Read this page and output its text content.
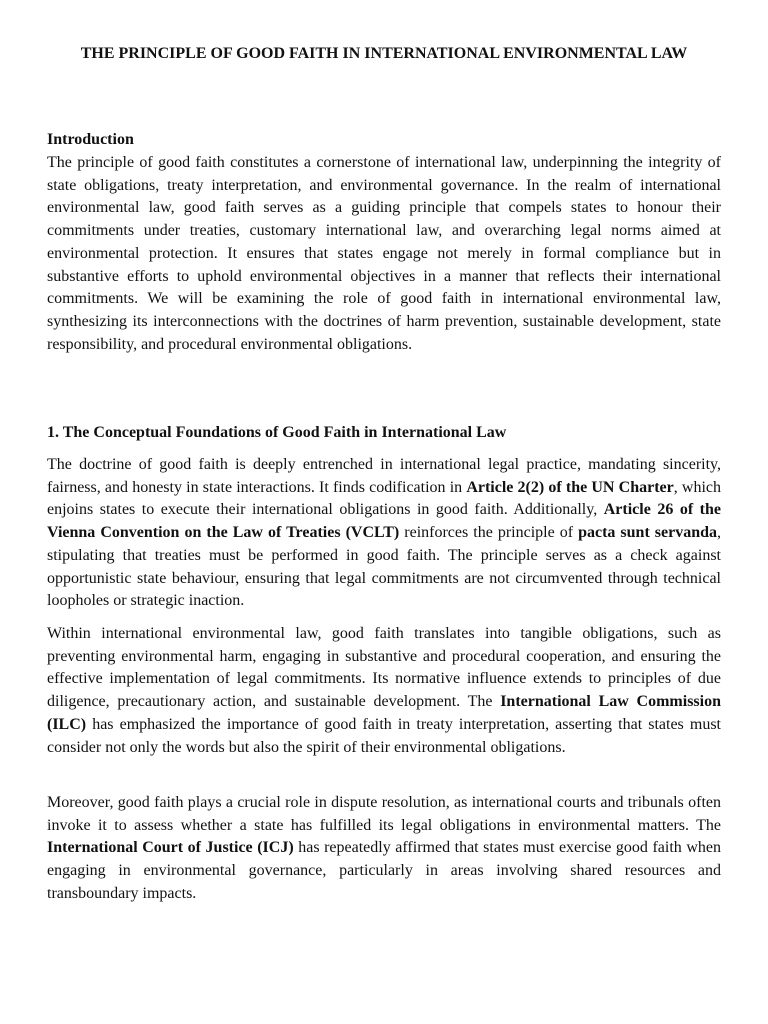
THE PRINCIPLE OF GOOD FAITH IN INTERNATIONAL ENVIRONMENTAL LAW

Introduction

The principle of good faith constitutes a cornerstone of international law, underpinning the integrity of state obligations, treaty interpretation, and environmental governance. In the realm of international environmental law, good faith serves as a guiding principle that compels states to honour their commitments under treaties, customary international law, and overarching legal norms aimed at environmental protection. It ensures that states engage not merely in formal compliance but in substantive efforts to uphold environmental objectives in a manner that reflects their international commitments. We will be examining the role of good faith in international environmental law, synthesizing its interconnections with the doctrines of harm prevention, sustainable development, state responsibility, and procedural environmental obligations.

1. The Conceptual Foundations of Good Faith in International Law

The doctrine of good faith is deeply entrenched in international legal practice, mandating sincerity, fairness, and honesty in state interactions. It finds codification in Article 2(2) of the UN Charter, which enjoins states to execute their international obligations in good faith. Additionally, Article 26 of the Vienna Convention on the Law of Treaties (VCLT) reinforces the principle of pacta sunt servanda, stipulating that treaties must be performed in good faith. The principle serves as a check against opportunistic state behaviour, ensuring that legal commitments are not circumvented through technical loopholes or strategic inaction.

Within international environmental law, good faith translates into tangible obligations, such as preventing environmental harm, engaging in substantive and procedural cooperation, and ensuring the effective implementation of legal commitments. Its normative influence extends to principles of due diligence, precautionary action, and sustainable development. The International Law Commission (ILC) has emphasized the importance of good faith in treaty interpretation, asserting that states must consider not only the words but also the spirit of their environmental obligations.

Moreover, good faith plays a crucial role in dispute resolution, as international courts and tribunals often invoke it to assess whether a state has fulfilled its legal obligations in environmental matters. The International Court of Justice (ICJ) has repeatedly affirmed that states must exercise good faith when engaging in environmental governance, particularly in areas involving shared resources and transboundary impacts.
